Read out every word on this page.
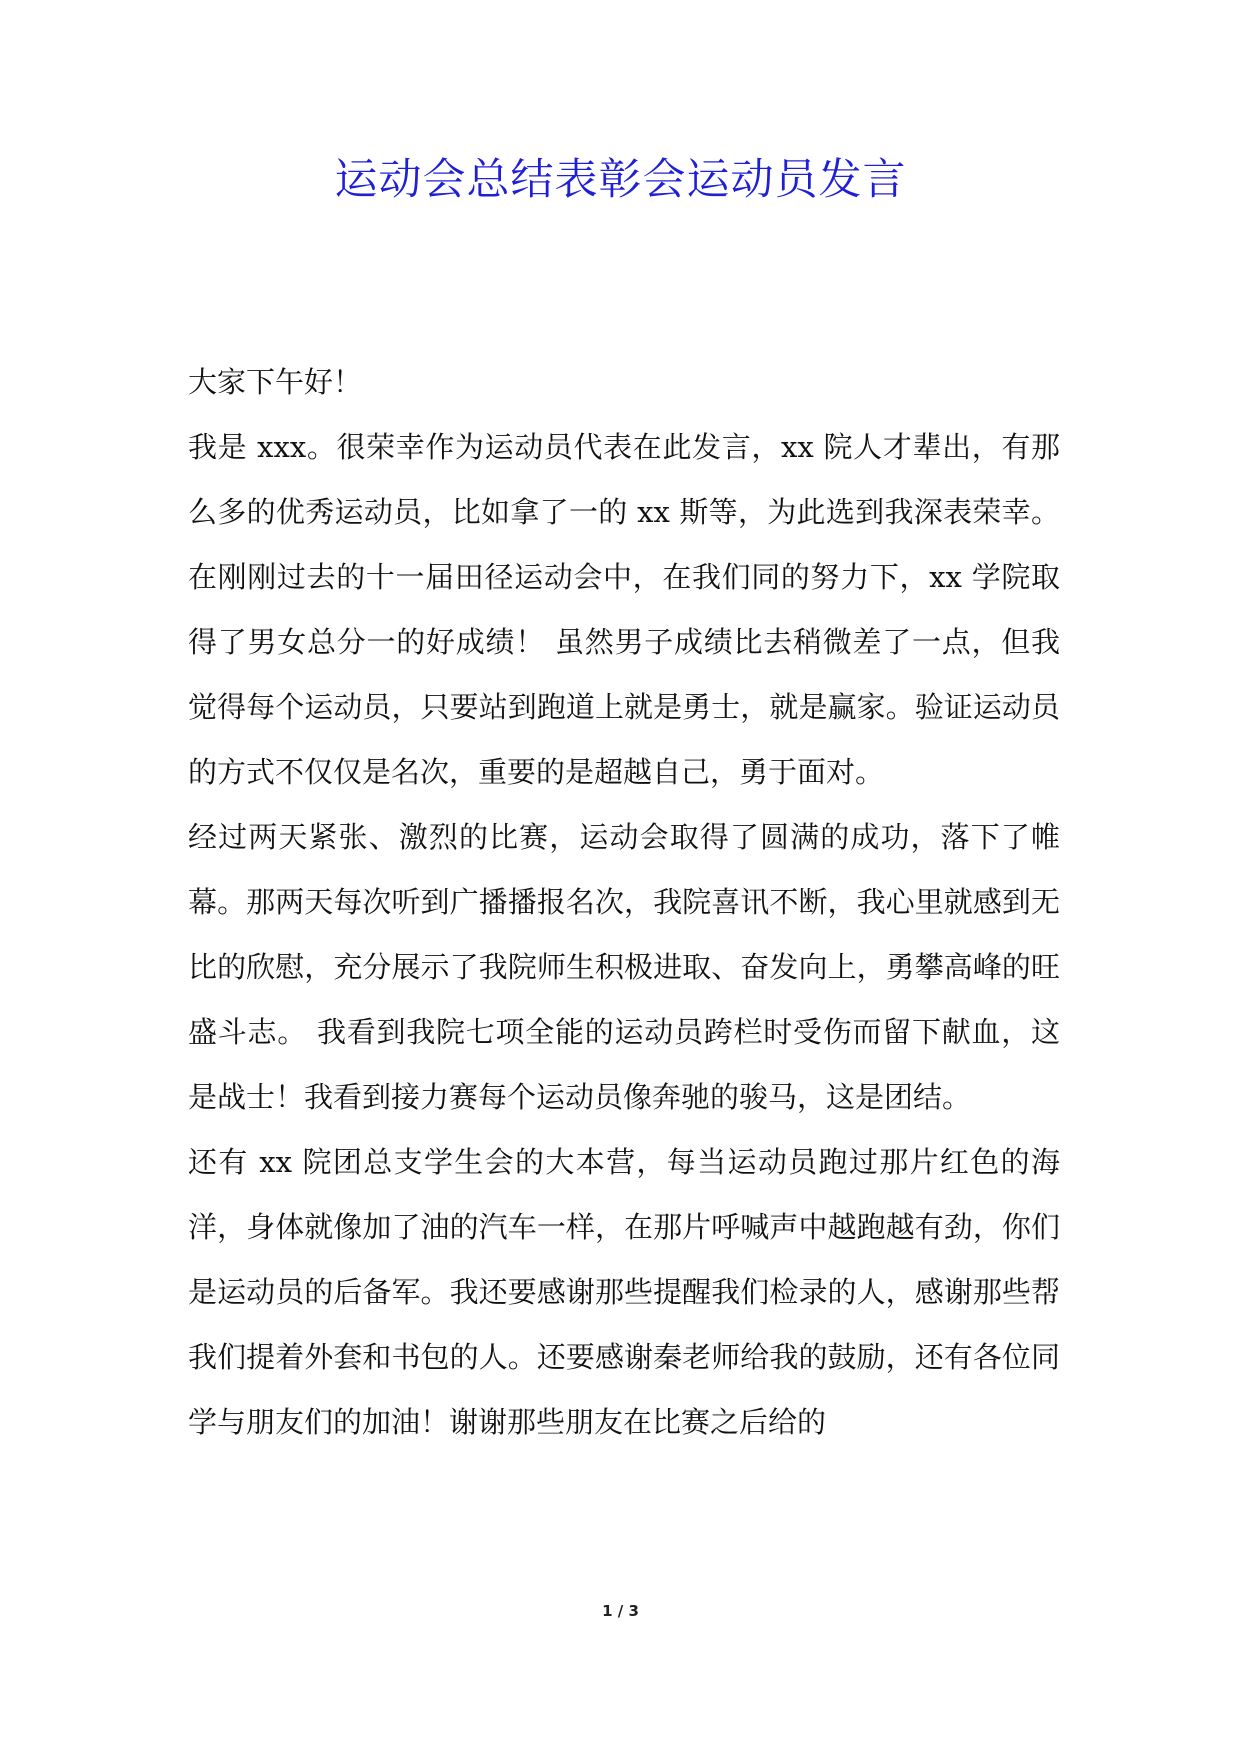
运动会总结表彰会运动员发言

大家下午好！

我是 xxx。很荣幸作为运动员代表在此发言，xx 院人才辈出，有那么多的优秀运动员，比如拿了一的 xx 斯等，为此选到我深表荣幸。在刚刚过去的十一届田径运动会中，在我们同的努力下，xx 学院取得了男女总分一的好成绩！ 虽然男子成绩比去稍微差了一点，但我觉得每个运动员，只要站到跑道上就是勇士，就是赢家。验证运动员的方式不仅仅是名次，重要的是超越自己，勇于面对。

经过两天紧张、激烈的比赛，运动会取得了圆满的成功，落下了帷幕。那两天每次听到广播播报名次，我院喜讯不断，我心里就感到无比的欣慰，充分展示了我院师生积极进取、奋发向上，勇攀高峰的旺盛斗志。 我看到我院七项全能的运动员跨栏时受伤而留下献血，这是战士！我看到接力赛每个运动员像奔驰的骏马，这是团结。

还有 xx 院团总支学生会的大本营，每当运动员跑过那片红色的海洋，身体就像加了油的汽车一样，在那片呼喊声中越跑越有劲，你们是运动员的后备军。我还要感谢那些提醒我们检录的人，感谢那些帮我们提着外套和书包的人。还要感谢秦老师给我的鼓励，还有各位同学与朋友们的加油！谢谢那些朋友在比赛之后给的

1 / 3
